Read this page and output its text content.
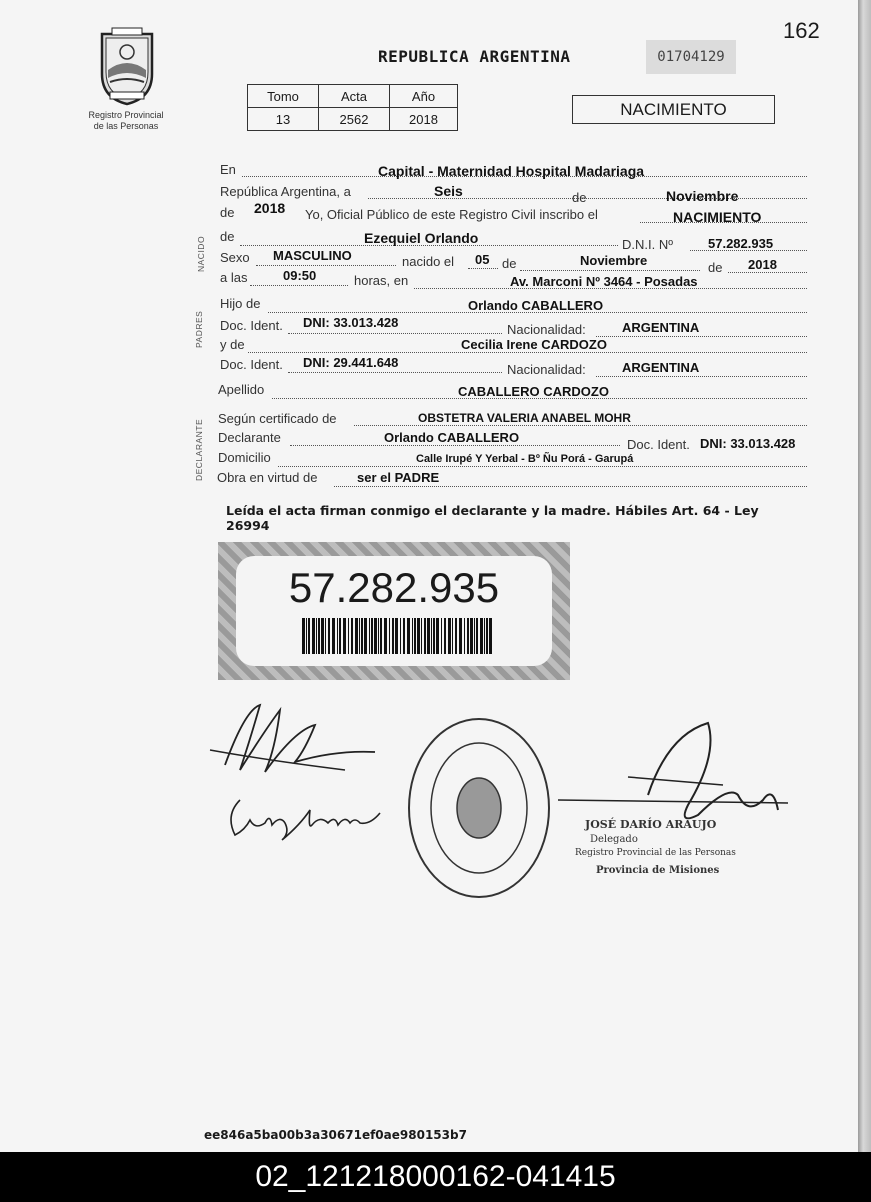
162
Registro Provincial
de las Personas
REPUBLICA ARGENTINA	01704129
Tomo	Acta	Año
13	2562	2018	NACIMIENTO
NACIDO
PADRES
DECLARANTE
En	Capital - Maternidad Hospital Madariaga
República Argentina, a	Seis	de	Noviembre
de 2018 Yo, Oficial Público de este Registro Civil inscribo el	NACIMIENTO
de	Ezequiel Orlando	D.N.I. Nº	57.282.935
Sexo MASCULINO	nacido el 05 de	Noviembre	de 2018
a las	09:50	horas, en	Av. Marconi Nº 3464 - Posadas
Hijo de	Orlando CABALLERO
Doc. Ident. DNI: 33.013.428	Nacionalidad:	ARGENTINA
y de	Cecilia Irene CARDOZO
Doc. Ident. DNI: 29.441.648	Nacionalidad:	ARGENTINA
Apellido	CABALLERO CARDOZO
Según certificado de	OBSTETRA VALERIA ANABEL MOHR
Declarante	Orlando CABALLERO	Doc. Ident. DNI: 33.013.428
Domicilio	Calle Irupé Y Yerbal - Bº Ñu Porá - Garupá
Obra en virtud de	ser el PADRE
Leída el acta firman conmigo el declarante y la madre. Hábiles Art. 64 - Ley 26994
57.282.935
JOSÉ DARÍO ARAUJO
Delegado
Registro Provincial de las Personas
Provincia de Misiones
ee846a5ba00b3a30671ef0ae980153b7
02_121218000162-041415
